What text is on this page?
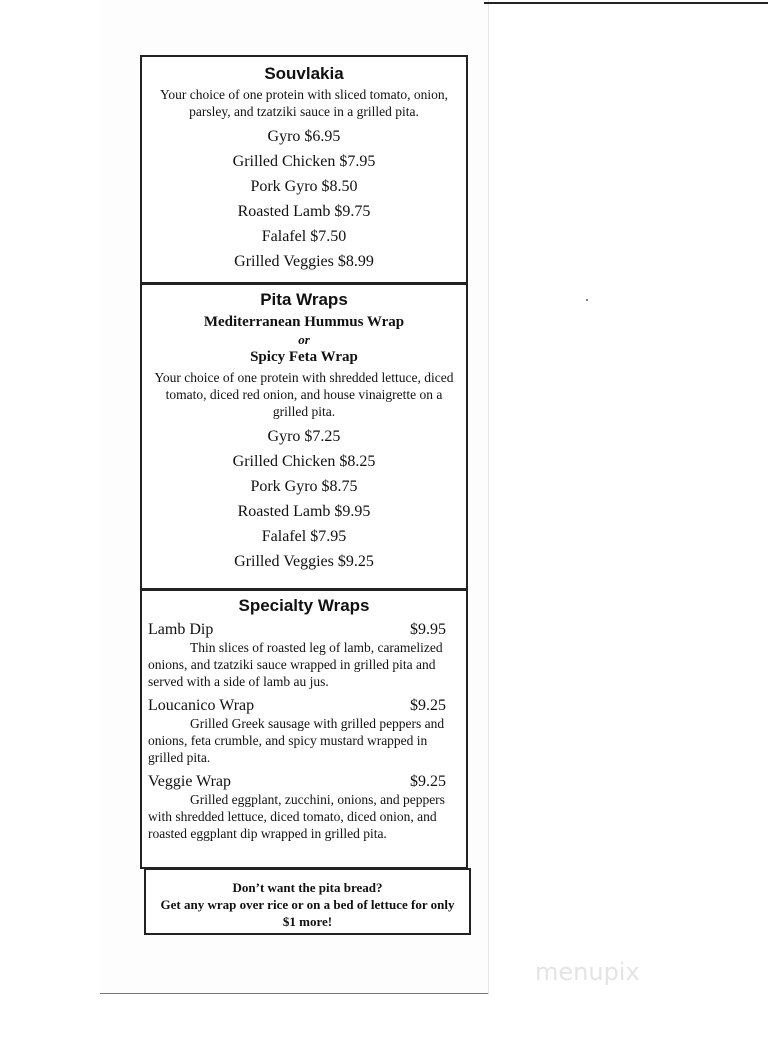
Souvlakia

Your choice of one protein with sliced tomato, onion, parsley, and tzatziki sauce in a grilled pita.

Gyro $6.95
Grilled Chicken $7.95
Pork Gyro $8.50
Roasted Lamb $9.75
Falafel $7.50
Grilled Veggies $8.99
Pita Wraps

Mediterranean Hummus Wrap

or

Spicy Feta Wrap

Your choice of one protein with shredded lettuce, diced tomato, diced red onion, and house vinaigrette on a grilled pita.

Gyro $7.25
Grilled Chicken $8.25
Pork Gyro $8.75
Roasted Lamb $9.95
Falafel $7.95
Grilled Veggies $9.25
Specialty Wraps
Lamb Dip	$9.95

Thin slices of roasted leg of lamb, caramelized onions, and tzatziki sauce wrapped in grilled pita and served with a side of lamb au jus.

Loucanico Wrap	$9.25

Grilled Greek sausage with grilled peppers and onions, feta crumble, and spicy mustard wrapped in grilled pita.

Veggie Wrap	$9.25

Grilled eggplant, zucchini, onions, and peppers with shredded lettuce, diced tomato, diced onion, and roasted eggplant dip wrapped in grilled pita.

Don’t want the pita bread?

Get any wrap over rice or on a bed of lettuce for only $1 more!

menupix
